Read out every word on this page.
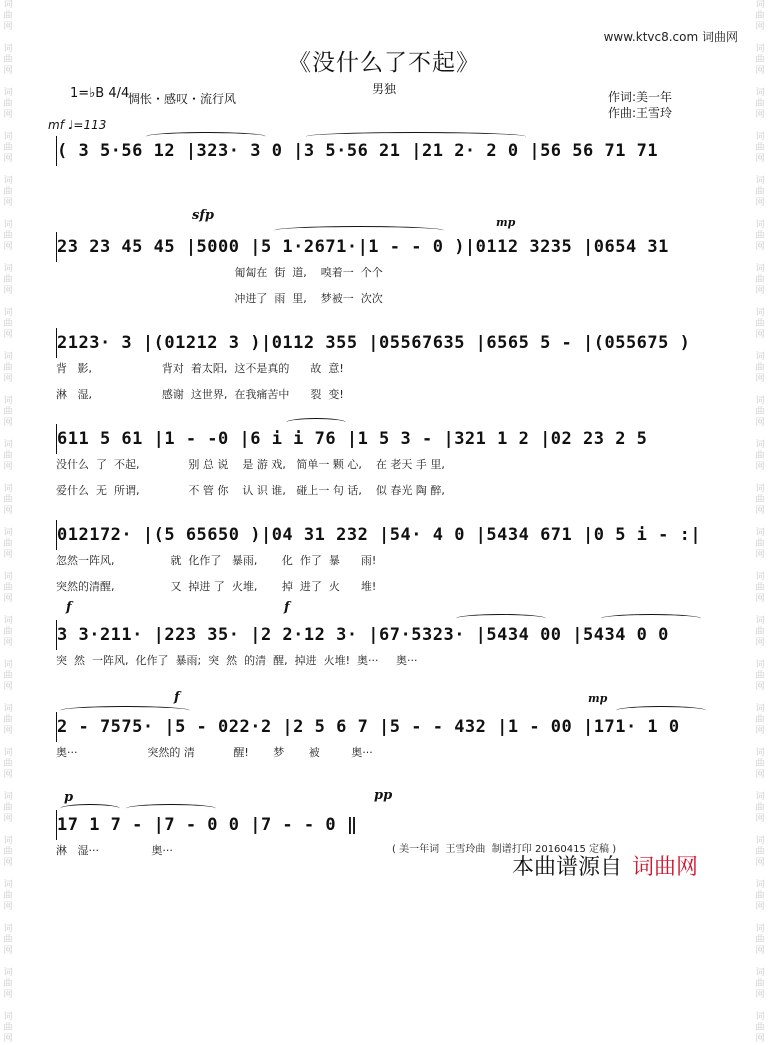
词
曲
网

词
曲
网

词
曲
网

词
曲
网

词
曲
网

词
曲
网

词
曲
网

词
曲
网

词
曲
网

词
曲
网

词
曲
网

词
曲
网

词
曲
网

词
曲
网

词
曲
网

词
曲
网

词
曲
网

词
曲
网

词
曲
网

词
曲
网

词
曲
网

词
曲
网

词
曲
网

词
曲
网

词
曲
网

词
曲
网

词
曲
网

词
曲
网

词
曲
网

词
曲
网

词
曲
网

词
曲
网

词
曲
网

词
曲
网

词
曲
网

词
曲
网

词
曲
网

词
曲
网

词
曲
网

词
曲
网

词
曲
网

词
曲
网

词
曲
网

词
曲
网

词
曲
网

词
曲
网

词
曲
网

词
曲
网

www.ktvc8.com 词曲网
《没什么了不起》
男独
1=♭B 4/4
惆怅・感叹・流行风	作词:美一年
作曲:王雪玲
mf ♩=113
( 3 5·56 12 |323· 3 0 |3 5·56 21 |21 2· 2 0 |56 56 71 71
sfp	mp
23 23 45 45 |5000 |5 1·2671·|1 - - 0 )|0112 3235 |0654 31
匍匐在  街  道,    嗅着一  个个
冲进了  雨  里,    梦被一  次次
2123· 3 |(01212 3 )|0112 355 |05567635 |6565 5 - |(055675 )
背   影,                    背对  着太阳,  这不是真的      故  意!
淋   湿,                    感谢  这世界,  在我痛苦中      裂  变!
611 5 61 |1 - -0 |6 i i 76 |1 5 3 - |321 1 2 |02 23 2 5
没什么  了  不起,              别 总 说    是 游 戏,   简单一 颗 心,    在 老天 手 里,
爱什么  无  所谓,              不 管 你    认 识 谁,   碰上一 句 话,    似 春光 陶 醉,
012172· |(5 65650 )|04 31 232 |54· 4 0 |5434 671 |0 5 i - :|
忽然一阵风,                就  化作了   暴雨,       化  作了  暴      雨!
突然的清醒,                又  掉进 了  火堆,       掉  进了  火      堆!
f	f
3 3·211· |223 35· |2 2·12 3· |67·5323· |5434 00 |5434 0 0
突  然  一阵风,  化作了  暴雨;  突  然  的清  醒,  掉进  火堆!  奥···     奥···
f	mp
2 - 7575· |5 - 022·2 |2 5 6 7 |5 - - 432 |1 - 00 |171· 1 0
奥···                    突然的 清           醒!       梦       被         奥···
p	pp
17 1 7 - |7 - 0 0 |7 - - 0 ‖
淋   湿···               奥···	( 美一年词  王雪玲曲  制谱打印 20160415 定稿 )
本曲谱源自 词曲网
